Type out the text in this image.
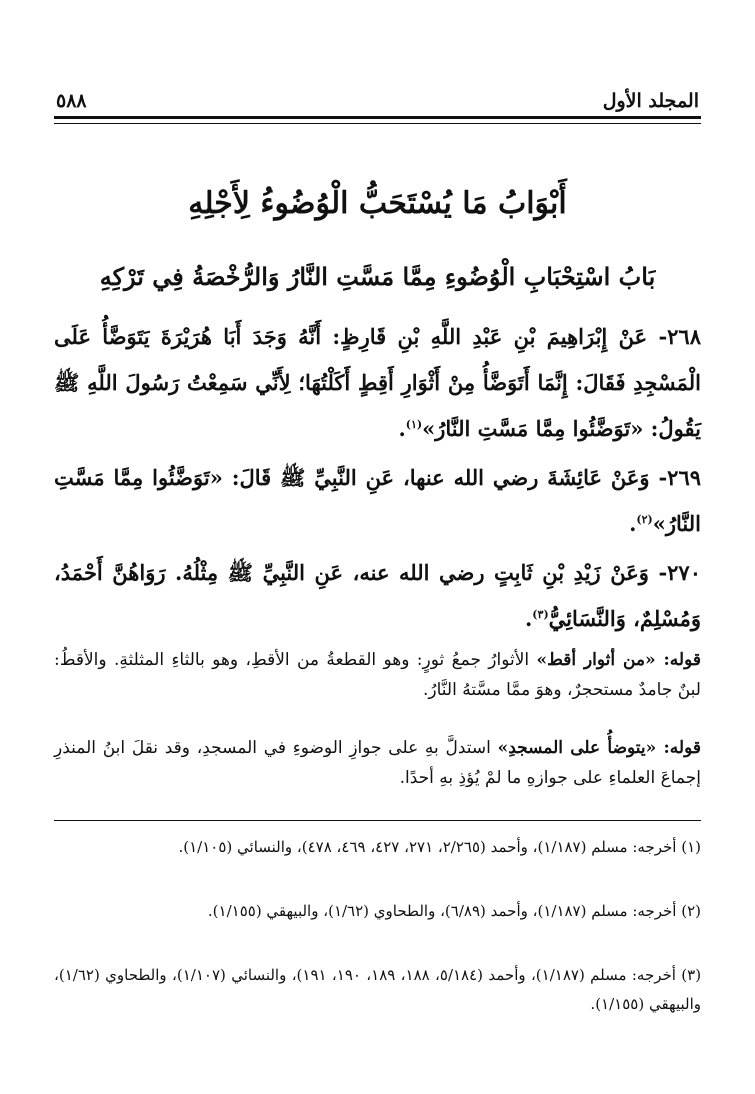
المجلد الأول
٥٨٨
أَبْوَابُ مَا يُسْتَحَبُّ الْوُضُوءُ لِأَجْلِهِ
بَابُ اسْتِحْبَابِ الْوُضُوءِ مِمَّا مَسَّتِ النَّارُ وَالرُّخْصَةُ فِي تَرْكِهِ
٢٦٨- عَنْ إِبْرَاهِيمَ بْنِ عَبْدِ اللَّهِ بْنِ قَارِظٍ: أَنَّهُ وَجَدَ أَبَا هُرَيْرَةَ يَتَوَضَّأُ عَلَى الْمَسْجِدِ فَقَالَ: إِنَّمَا أَتَوَضَّأُ مِنْ أَثْوَارِ أَقِطٍ أَكَلْتُهَا؛ لِأَنِّي سَمِعْتُ رَسُولَ اللَّهِ ﷺ يَقُولُ: «تَوَضَّئُوا مِمَّا مَسَّتِ النَّارُ»$^{(١)}$.
٢٦٩- وَعَنْ عَائِشَةَ رضي الله عنها، عَنِ النَّبِيِّ ﷺ قَالَ: «تَوَضَّئُوا مِمَّا مَسَّتِ النَّارُ»$^{(٢)}$.
٢٧٠- وَعَنْ زَيْدِ بْنِ ثَابِتٍ رضي الله عنه، عَنِ النَّبِيِّ ﷺ مِثْلُهُ. رَوَاهُنَّ أَحْمَدُ، وَمُسْلِمٌ، وَالنَّسَائِيُّ$^{(٣)}$.
قوله: «من أثوار أقط» الأثوارُ جمعُ ثورٍ: وهو القطعةُ من الأقطِ، وهو بالثاءِ المثلثةِ. والأقطُ: لبنٌ جامدٌ مستحجرٌ، وهوَ ممَّا مسَّتهُ النَّارُ.
قوله: «يتوضأُ على المسجدِ» استدلَّ بهِ على جوازِ الوضوءِ في المسجدِ، وقد نقلَ ابنُ المنذرِ إجماعَ العلماءِ على جوازهِ ما لمْ يُؤذِ بهِ أحدًا.
(١) أخرجه: مسلم (١/١٨٧)، وأحمد (٢/٢٦٥، ٢٧١، ٤٢٧، ٤٦٩، ٤٧٨)، والنسائي (١/١٠٥).
(٢) أخرجه: مسلم (١/١٨٧)، وأحمد (٦/٨٩)، والطحاوي (١/٦٢)، والبيهقي (١/١٥٥).
(٣) أخرجه: مسلم (١/١٨٧)، وأحمد (٥/١٨٤، ١٨٨، ١٨٩، ١٩٠، ١٩١)، والنسائي (١/١٠٧)، والطحاوي (١/٦٢)، والبيهقي (١/١٥٥).
